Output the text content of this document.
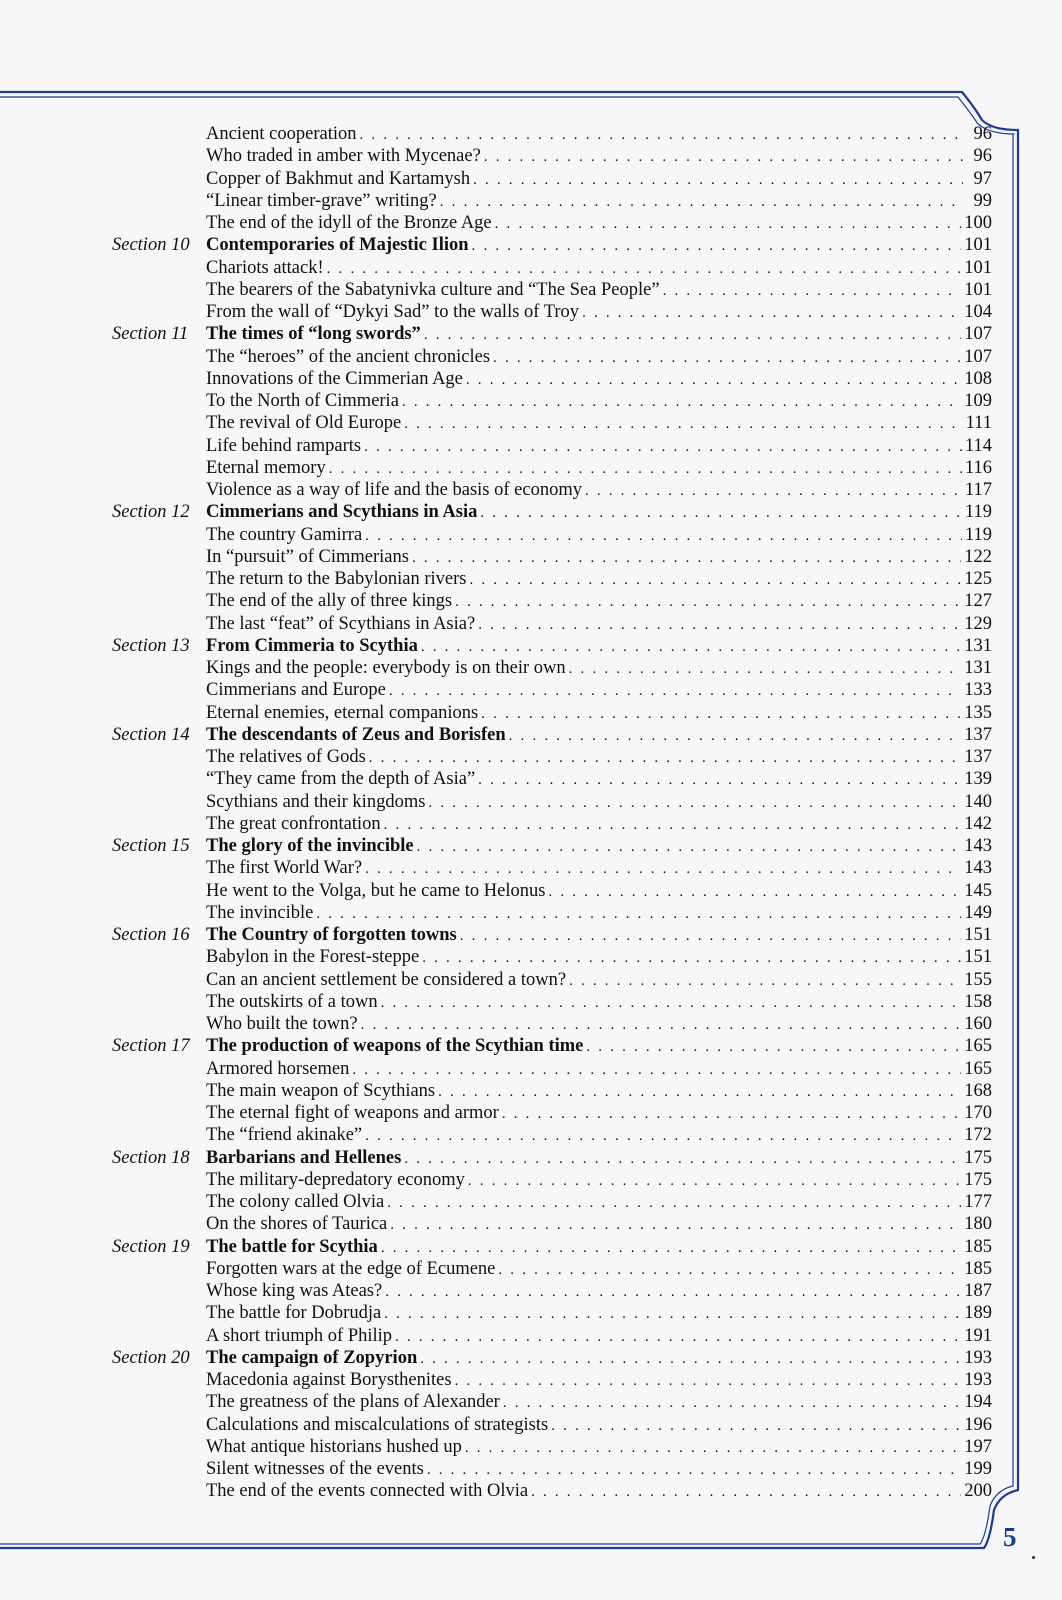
Ancient cooperation . . .	96
Who traded in amber with Mycenae? . . .	96
Copper of Bakhmut and Kartamysh . . .	97
“Linear timber-grave” writing? . . .	99
The end of the idyll of the Bronze Age . . .	100
Section 10 Contemporaries of Majestic Ilion . . .	101
Chariots attack! . . .	101
The bearers of the Sabatynivka culture and “The Sea People” . . .	101
From the wall of “Dykyi Sad” to the walls of Troy . . .	104
Section 11 The times of “long swords” . . .	107
The “heroes” of the ancient chronicles . . .	107
Innovations of the Cimmerian Age . . .	108
To the North of Cimmeria . . .	109
The revival of Old Europe . . .	111
Life behind ramparts . . .	114
Eternal memory . . .	116
Violence as a way of life and the basis of economy . . .	117
Section 12 Cimmerians and Scythians in Asia . . .	119
The country Gamirra . . .	119
In “pursuit” of Cimmerians . . .	122
The return to the Babylonian rivers . . .	125
The end of the ally of three kings . . .	127
The last “feat” of Scythians in Asia? . . .	129
Section 13 From Cimmeria to Scythia . . .	131
Kings and the people: everybody is on their own . . .	131
Cimmerians and Europe . . .	133
Eternal enemies, eternal companions . . .	135
Section 14 The descendants of Zeus and Borisfen . . .	137
The relatives of Gods . . .	137
“They came from the depth of Asia” . . .	139
Scythians and their kingdoms . . .	140
The great confrontation . . .	142
Section 15 The glory of the invincible . . .	143
The first World War? . . .	143
He went to the Volga, but he came to Helonus . . .	145
The invincible . . .	149
Section 16 The Country of forgotten towns . . .	151
Babylon in the Forest-steppe . . .	151
Can an ancient settlement be considered a town? . . .	155
The outskirts of a town . . .	158
Who built the town? . . .	160
Section 17 The production of weapons of the Scythian time . . .	165
Armored horsemen . . .	165
The main weapon of Scythians . . .	168
The eternal fight of weapons and armor . . .	170
The “friend akinake” . . .	172
Section 18 Barbarians and Hellenes . . .	175
The military-depredatory economy . . .	175
The colony called Olvia . . .	177
On the shores of Taurica . . .	180
Section 19 The battle for Scythia . . .	185
Forgotten wars at the edge of Ecumene . . .	185
Whose king was Ateas? . . .	187
The battle for Dobrudja . . .	189
A short triumph of Philip . . .	191
Section 20 The campaign of Zopyrion . . .	193
Macedonia against Borysthenites . . .	193
The greatness of the plans of Alexander . . .	194
Calculations and miscalculations of strategists . . .	196
What antique historians hushed up . . .	197
Silent witnesses of the events . . .	199
The end of the events connected with Olvia . . .	200
5
